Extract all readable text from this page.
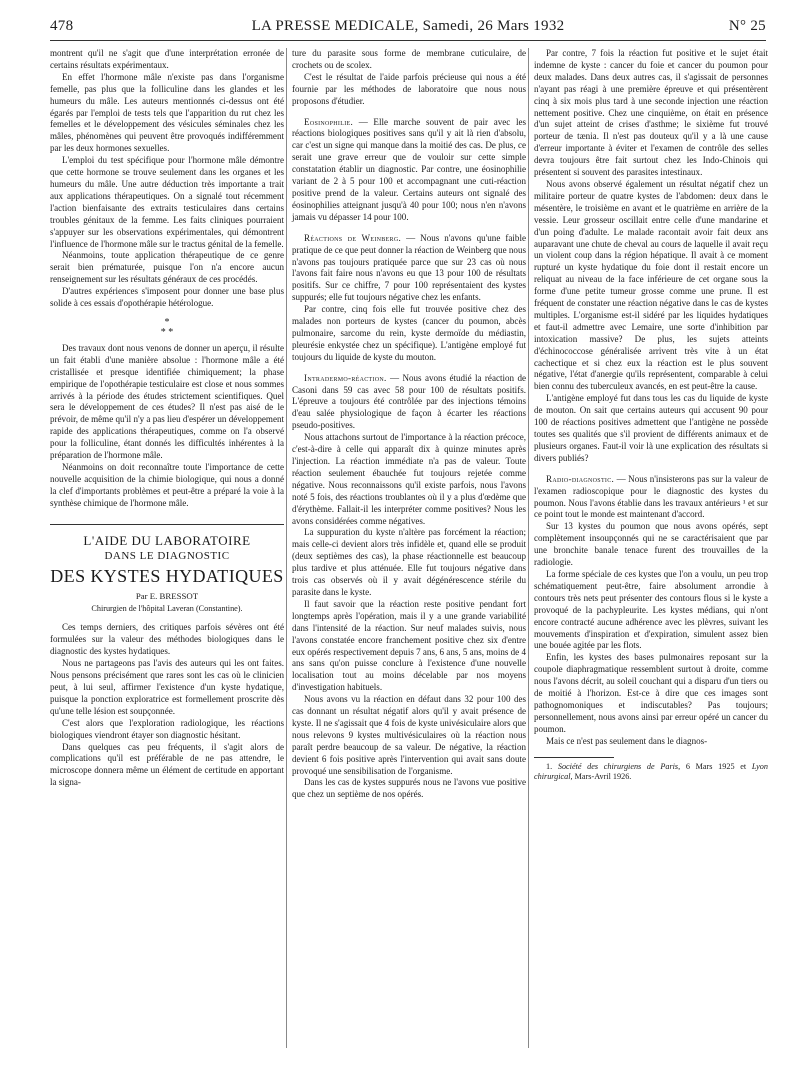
478	LA PRESSE MEDICALE, Samedi, 26 Mars 1932	N° 25

montrent qu'il ne s'agit que d'une interprétation erronée de certains résultats expérimentaux.

En effet l'hormone mâle n'existe pas dans l'organisme femelle, pas plus que la folliculine dans les glandes et les humeurs du mâle. Les auteurs mentionnés ci-dessus ont été égarés par l'emploi de tests tels que l'apparition du rut chez les femelles et le développement des vésicules séminales chez les mâles, phénomènes qui peuvent être provoqués indifféremment par les deux hormones sexuelles.

L'emploi du test spécifique pour l'hormone mâle démontre que cette hormone se trouve seulement dans les organes et les humeurs du mâle. Une autre déduction très importante a trait aux applications thérapeutiques. On a signalé tout récemment l'action bienfaisante des extraits testiculaires dans certains troubles génitaux de la femme. Les faits cliniques pourraient s'appuyer sur les observations expérimentales, qui démontrent l'influence de l'hormone mâle sur le tractus génital de la femelle.

Néanmoins, toute application thérapeutique de ce genre serait bien prématurée, puisque l'on n'a encore aucun renseignement sur les résultats généraux de ces procédés.

D'autres expériences s'imposent pour donner une base plus solide à ces essais d'opothérapie hétérologue.

*
* *

Des travaux dont nous venons de donner un aperçu, il résulte un fait établi d'une manière absolue : l'hormone mâle a été cristallisée et presque identifiée chimiquement; la phase empirique de l'opothérapie testiculaire est close et nous sommes arrivés à la période des études strictement scientifiques. Quel sera le développement de ces études? Il n'est pas aisé de le prévoir, de même qu'il n'y a pas lieu d'espérer un développement rapide des applications thérapeutiques, comme on l'a observé pour la folliculine, étant donnés les difficultés inhérentes à la préparation de l'hormone mâle.

Néanmoins on doit reconnaître toute l'importance de cette nouvelle acquisition de la chimie biologique, qui nous a donné la clef d'importants problèmes et peut-être a préparé la voie à la synthèse chimique de l'hormone mâle.

L'AIDE DU LABORATOIRE
DANS LE DIAGNOSTIC
DES KYSTES HYDATIQUES
Par E. BRESSOT
Chirurgien de l'hôpital Laveran (Constantine).

Ces temps derniers, des critiques parfois sévères ont été formulées sur la valeur des méthodes biologiques dans le diagnostic des kystes hydatiques.

Nous ne partageons pas l'avis des auteurs qui les ont faites. Nous pensons précisément que rares sont les cas où le clinicien peut, à lui seul, affirmer l'existence d'un kyste hydatique, puisque la ponction exploratrice est formellement proscrite dès qu'une telle lésion est soupçonnée.

C'est alors que l'exploration radiologique, les réactions biologiques viendront étayer son diagnostic hésitant.

Dans quelques cas peu fréquents, il s'agit alors de complications qu'il est préférable de ne pas attendre, le microscope donnera même un élément de certitude en apportant la signa-

ture du parasite sous forme de membrane cuticulaire, de crochets ou de scolex.

C'est le résultat de l'aide parfois précieuse qui nous a été fournie par les méthodes de laboratoire que nous nous proposons d'étudier.

Eosinophilie. — Elle marche souvent de pair avec les réactions biologiques positives sans qu'il y ait là rien d'absolu, car c'est un signe qui manque dans la moitié des cas. De plus, ce serait une grave erreur que de vouloir sur cette simple constatation établir un diagnostic. Par contre, une éosinophilie variant de 2 à 5 pour 100 et accompagnant une cuti-réaction positive prend de la valeur. Certains auteurs ont signalé des éosinophilies atteignant jusqu'à 40 pour 100; nous n'en n'avons jamais vu dépasser 14 pour 100.

Réactions de Weinberg. — Nous n'avons qu'une faible pratique de ce que peut donner la réaction de Weinberg que nous n'avons pas toujours pratiquée parce que sur 23 cas où nous l'avons fait faire nous n'avons eu que 13 pour 100 de résultats positifs. Sur ce chiffre, 7 pour 100 représentaient des kystes suppurés; elle fut toujours négative chez les enfants.

Par contre, cinq fois elle fut trouvée positive chez des malades non porteurs de kystes (cancer du poumon, abcès pulmonaire, sarcome du rein, kyste dermoïde du médiastin, pleurésie enkystée chez un spécifique). L'antigène employé fut toujours du liquide de kyste du mouton.

Intradermo-réaction. — Nous avons étudié la réaction de Casoni dans 59 cas avec 58 pour 100 de résultats positifs. L'épreuve a toujours été contrôlée par des injections témoins d'eau salée physiologique de façon à écarter les réactions pseudo-positives.

Nous attachons surtout de l'importance à la réaction précoce, c'est-à-dire à celle qui apparaît dix à quinze minutes après l'injection. La réaction immédiate n'a pas de valeur. Toute réaction seulement ébauchée fut toujours rejetée comme négative. Nous reconnaissons qu'il existe parfois, nous l'avons noté 5 fois, des réactions troublantes où il y a plus d'œdème que d'érythème. Fallait-il les interpréter comme positives? Nous les avons considérées comme négatives.

La suppuration du kyste n'altère pas forcément la réaction; mais celle-ci devient alors très infidèle et, quand elle se produit (deux septièmes des cas), la phase réactionnelle est beaucoup plus tardive et plus atténuée. Elle fut toujours négative dans trois cas observés où il y avait dégénérescence stérile du parasite dans le kyste.

Il faut savoir que la réaction reste positive pendant fort longtemps après l'opération, mais il y a une grande variabilité dans l'intensité de la réaction. Sur neuf malades suivis, nous l'avons constatée encore franchement positive chez six d'entre eux opérés respectivement depuis 7 ans, 6 ans, 5 ans, moins de 4 ans sans qu'on puisse conclure à l'existence d'une nouvelle localisation tout au moins décelable par nos moyens d'investigation habituels.

Nous avons vu la réaction en défaut dans 32 pour 100 des cas donnant un résultat négatif alors qu'il y avait présence de kyste. Il ne s'agissait que 4 fois de kyste univésiculaire alors que nous relevons 9 kystes multivésiculaires où la réaction nous paraît perdre beaucoup de sa valeur. De négative, la réaction devient 6 fois positive après l'intervention qui avait sans doute provoqué une sensibilisation de l'organisme.

Dans les cas de kystes suppurés nous ne l'avons vue positive que chez un septième de nos opérés.

Par contre, 7 fois la réaction fut positive et le sujet était indemne de kyste : cancer du foie et cancer du poumon pour deux malades. Dans deux autres cas, il s'agissait de personnes n'ayant pas réagi à une première épreuve et qui présentèrent cinq à six mois plus tard à une seconde injection une réaction nettement positive. Chez une cinquième, on était en présence d'un sujet atteint de crises d'asthme; le sixième fut trouvé porteur de tænia. Il n'est pas douteux qu'il y a là une cause d'erreur importante à éviter et l'examen de contrôle des selles devra toujours être fait surtout chez les Indo-Chinois qui présentent si souvent des parasites intestinaux.

Nous avons observé également un résultat négatif chez un militaire porteur de quatre kystes de l'abdomen: deux dans le mésentère, le troisième en avant et le quatrième en arrière de la vessie. Leur grosseur oscillait entre celle d'une mandarine et d'un poing d'adulte. Le malade racontait avoir fait deux ans auparavant une chute de cheval au cours de laquelle il avait reçu un violent coup dans la région hépatique. Il avait à ce moment rupturé un kyste hydatique du foie dont il restait encore un reliquat au niveau de la face inférieure de cet organe sous la forme d'une petite tumeur grosse comme une prune. Il est fréquent de constater une réaction négative dans le cas de kystes multiples. L'organisme est-il sidéré par les liquides hydatiques et faut-il admettre avec Lemaire, une sorte d'inhibition par intoxication massive? De plus, les sujets atteints d'échinococcose généralisée arrivent très vite à un état cachectique et si chez eux la réaction est le plus souvent négative, l'état d'anergie qu'ils représentent, comparable à celui bien connu des tuberculeux avancés, en est peut-être la cause.

L'antigène employé fut dans tous les cas du liquide de kyste de mouton. On sait que certains auteurs qui accusent 90 pour 100 de réactions positives admettent que l'antigène ne possède toutes ses qualités que s'il provient de différents animaux et de plusieurs organes. Faut-il voir là une explication des résultats si divers publiés?

Radio-diagnostic. — Nous n'insisterons pas sur la valeur de l'examen radioscopique pour le diagnostic des kystes du poumon. Nous l'avons établie dans les travaux antérieurs ¹ et sur ce point tout le monde est maintenant d'accord.

Sur 13 kystes du poumon que nous avons opérés, sept complètement insoupçonnés qui ne se caractérisaient que par une bronchite banale tenace furent des trouvailles de la radiologie.

La forme spéciale de ces kystes que l'on a voulu, un peu trop schématiquement peut-être, faire absolument arrondie à contours très nets peut présenter des contours flous si le kyste a provoqué de la pachypleurite. Les kystes médians, qui n'ont encore contracté aucune adhérence avec les plèvres, suivant les mouvements d'inspiration et d'expiration, simulent assez bien une bouée agitée par les flots.

Enfin, les kystes des bases pulmonaires reposant sur la coupole diaphragmatique ressemblent surtout à droite, comme nous l'avons décrit, au soleil couchant qui a disparu d'un tiers ou de moitié à l'horizon. Est-ce à dire que ces images sont pathognomoniques et indiscutables? Pas toujours; personnellement, nous avons ainsi par erreur opéré un cancer du poumon.

Mais ce n'est pas seulement dans le diagnos-

1. Société des chirurgiens de Paris, 6 Mars 1925 et Lyon chirurgical, Mars-Avril 1926.
